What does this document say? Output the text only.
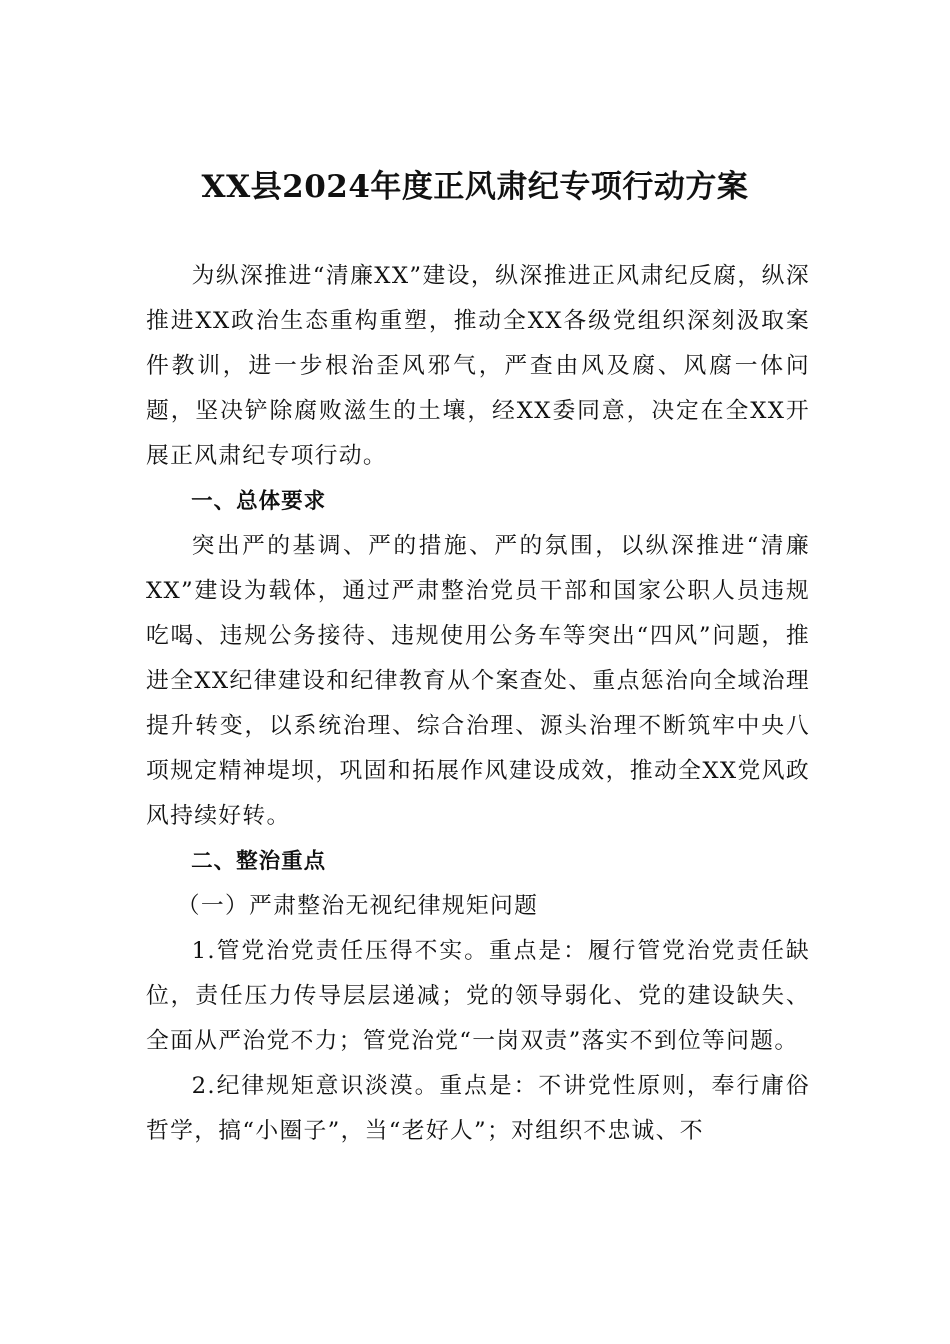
XX县2024年度正风肃纪专项行动方案

为纵深推进“清廉XX”建设，纵深推进正风肃纪反腐，纵深推进XX政治生态重构重塑，推动全XX各级党组织深刻汲取案件教训，进一步根治歪风邪气，严查由风及腐、风腐一体问题，坚决铲除腐败滋生的土壤，经XX委同意，决定在全XX开展正风肃纪专项行动。

一、总体要求

突出严的基调、严的措施、严的氛围，以纵深推进“清廉XX”建设为载体，通过严肃整治党员干部和国家公职人员违规吃喝、违规公务接待、违规使用公务车等突出“四风”问题，推进全XX纪律建设和纪律教育从个案查处、重点惩治向全域治理提升转变，以系统治理、综合治理、源头治理不断筑牢中央八项规定精神堤坝，巩固和拓展作风建设成效，推动全XX党风政风持续好转。

二、整治重点

（一）严肃整治无视纪律规矩问题

1.管党治党责任压得不实。重点是：履行管党治党责任缺位，责任压力传导层层递减；党的领导弱化、党的建设缺失、全面从严治党不力；管党治党“一岗双责”落实不到位等问题。

2.纪律规矩意识淡漠。重点是：不讲党性原则，奉行庸俗哲学，搞“小圈子”，当“老好人”；对组织不忠诚、不
